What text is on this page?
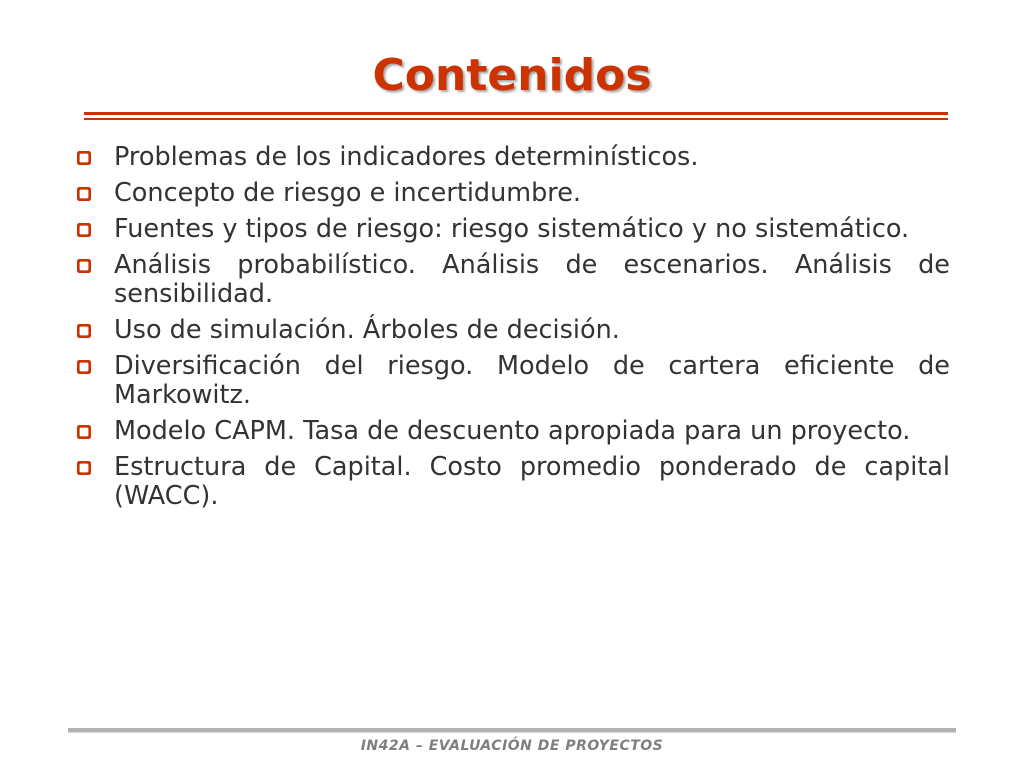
Contenidos
Problemas de los indicadores determinísticos.
Concepto de riesgo e incertidumbre.
Fuentes y tipos de riesgo: riesgo sistemático y no sistemático.
Análisis probabilístico. Análisis de escenarios. Análisis de sensibilidad.
Uso de simulación. Árboles de decisión.
Diversificación del riesgo. Modelo de cartera eficiente de Markowitz.
Modelo CAPM. Tasa de descuento apropiada para un proyecto.
Estructura de Capital. Costo promedio ponderado de capital (WACC).
IN42A – EVALUACIÓN DE PROYECTOS
